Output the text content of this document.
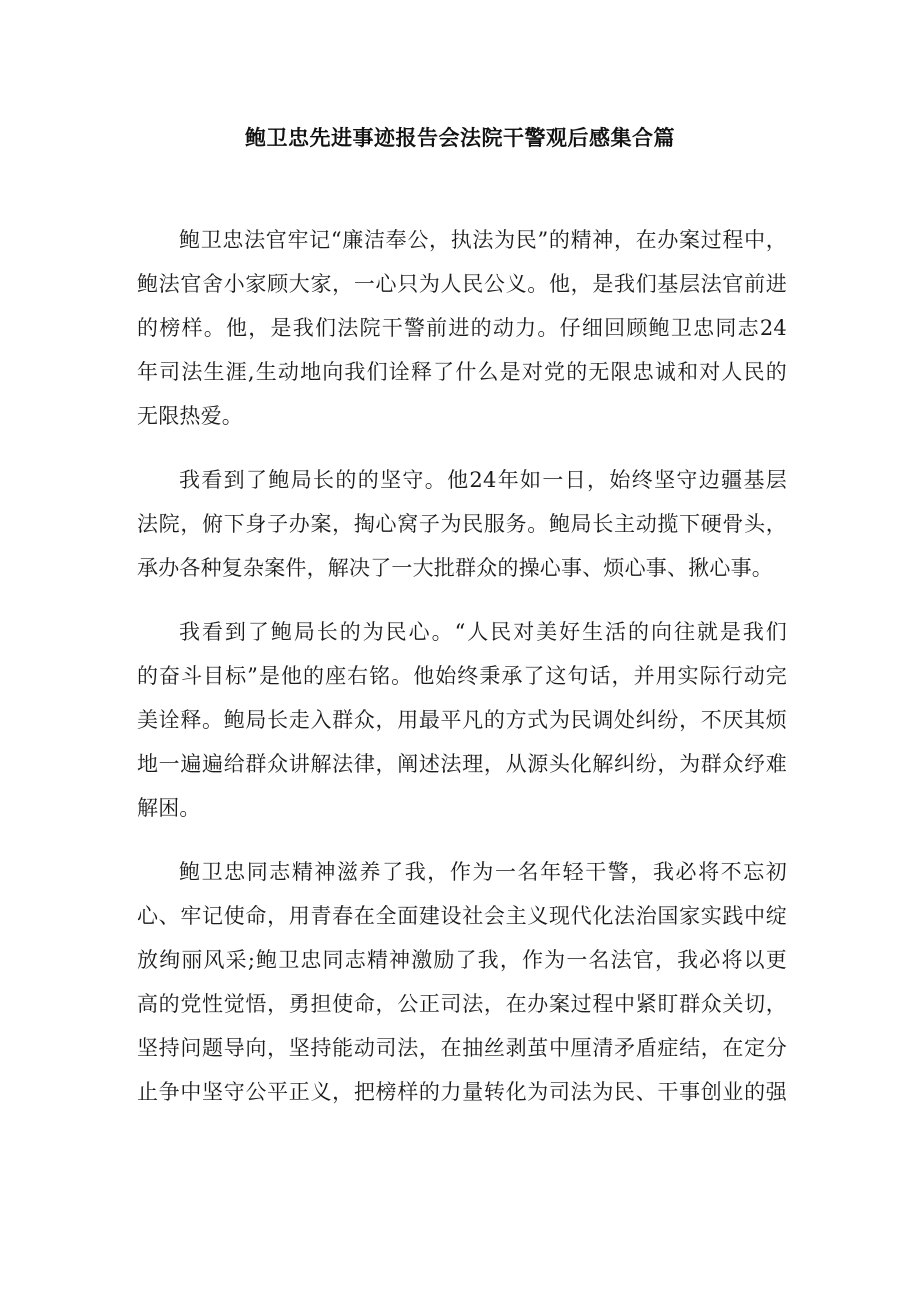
鲍卫忠先进事迹报告会法院干警观后感集合篇
鲍卫忠法官牢记“廉洁奉公，执法为民”的精神，在办案过程中，
鲍法官舍小家顾大家，一心只为人民公义。他，是我们基层法官前进
的榜样。他，是我们法院干警前进的动力。仔细回顾鲍卫忠同志24
年司法生涯,生动地向我们诠释了什么是对党的无限忠诚和对人民的
无限热爱。
我看到了鲍局长的的坚守。他24年如一日，始终坚守边疆基层
法院，俯下身子办案，掏心窝子为民服务。鲍局长主动揽下硬骨头，
承办各种复杂案件，解决了一大批群众的操心事、烦心事、揪心事。
我看到了鲍局长的为民心。“人民对美好生活的向往就是我们
的奋斗目标”是他的座右铭。他始终秉承了这句话，并用实际行动完
美诠释。鲍局长走入群众，用最平凡的方式为民调处纠纷，不厌其烦
地一遍遍给群众讲解法律，阐述法理，从源头化解纠纷，为群众纾难
解困。
鲍卫忠同志精神滋养了我，作为一名年轻干警，我必将不忘初
心、牢记使命，用青春在全面建设社会主义现代化法治国家实践中绽
放绚丽风采;鲍卫忠同志精神激励了我，作为一名法官，我必将以更
高的党性觉悟，勇担使命，公正司法，在办案过程中紧盯群众关切，
坚持问题导向，坚持能动司法，在抽丝剥茧中厘清矛盾症结，在定分
止争中坚守公平正义，把榜样的力量转化为司法为民、干事创业的强
